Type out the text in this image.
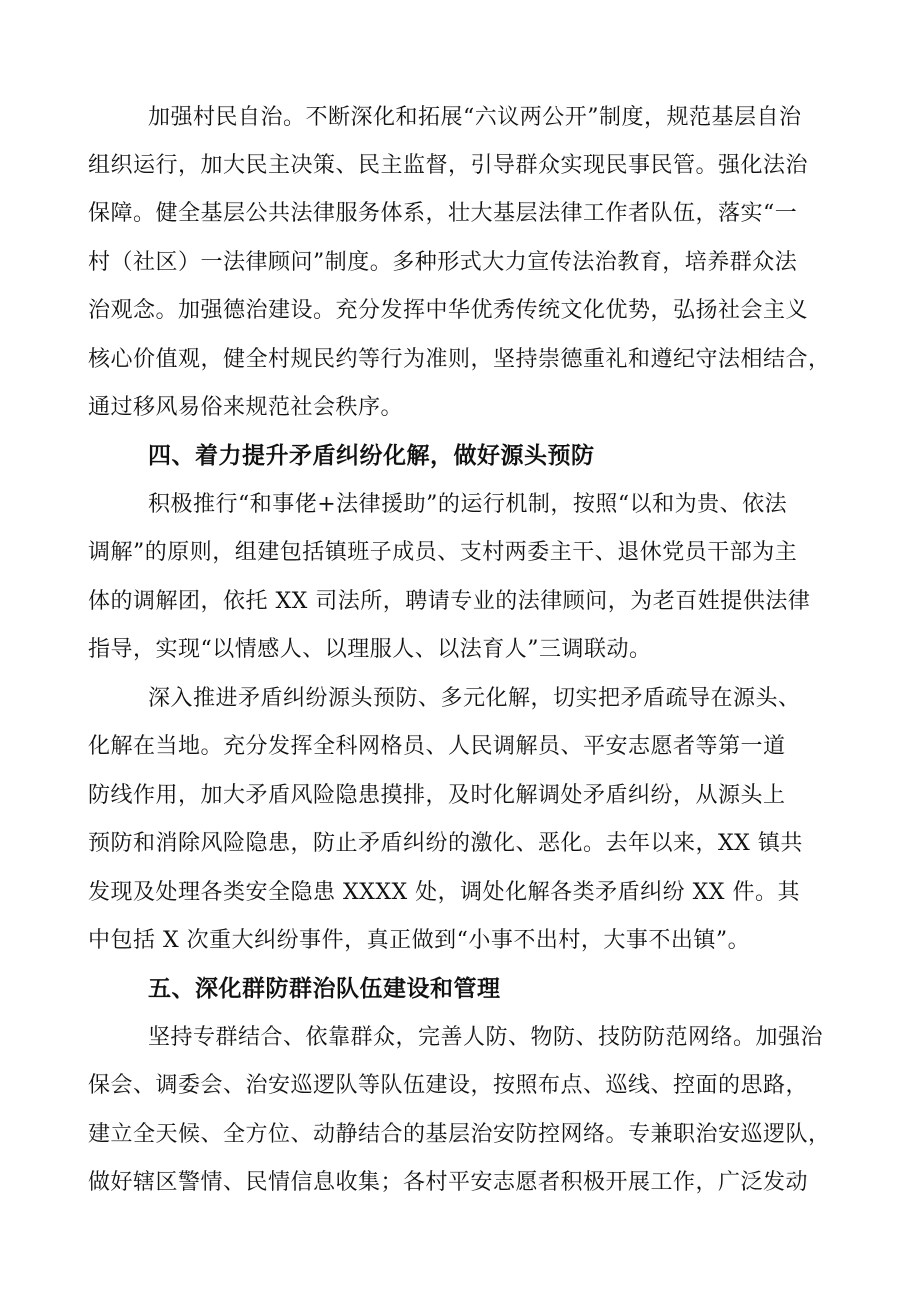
加强村民自治。不断深化和拓展“六议两公开”制度，规范基层自治

组织运行，加大民主决策、民主监督，引导群众实现民事民管。强化法治

保障。健全基层公共法律服务体系，壮大基层法律工作者队伍，落实“一

村（社区）一法律顾问”制度。多种形式大力宣传法治教育，培养群众法

治观念。加强德治建设。充分发挥中华优秀传统文化优势，弘扬社会主义

核心价值观，健全村规民约等行为准则，坚持崇德重礼和遵纪守法相结合，

通过移风易俗来规范社会秩序。

四、着力提升矛盾纠纷化解，做好源头预防

积极推行“和事佬+法律援助”的运行机制，按照“以和为贵、依法

调解”的原则，组建包括镇班子成员、支村两委主干、退休党员干部为主

体的调解团，依托 XX 司法所，聘请专业的法律顾问，为老百姓提供法律

指导，实现“以情感人、以理服人、以法育人”三调联动。

深入推进矛盾纠纷源头预防、多元化解，切实把矛盾疏导在源头、

化解在当地。充分发挥全科网格员、人民调解员、平安志愿者等第一道

防线作用，加大矛盾风险隐患摸排，及时化解调处矛盾纠纷，从源头上

预防和消除风险隐患，防止矛盾纠纷的激化、恶化。去年以来，XX 镇共

发现及处理各类安全隐患 XXXX 处，调处化解各类矛盾纠纷 XX 件。其

中包括 X 次重大纠纷事件，真正做到“小事不出村，大事不出镇”。

五、深化群防群治队伍建设和管理

坚持专群结合、依靠群众，完善人防、物防、技防防范网络。加强治

保会、调委会、治安巡逻队等队伍建设，按照布点、巡线、控面的思路，

建立全天候、全方位、动静结合的基层治安防控网络。专兼职治安巡逻队，

做好辖区警情、民情信息收集；各村平安志愿者积极开展工作，广泛发动
